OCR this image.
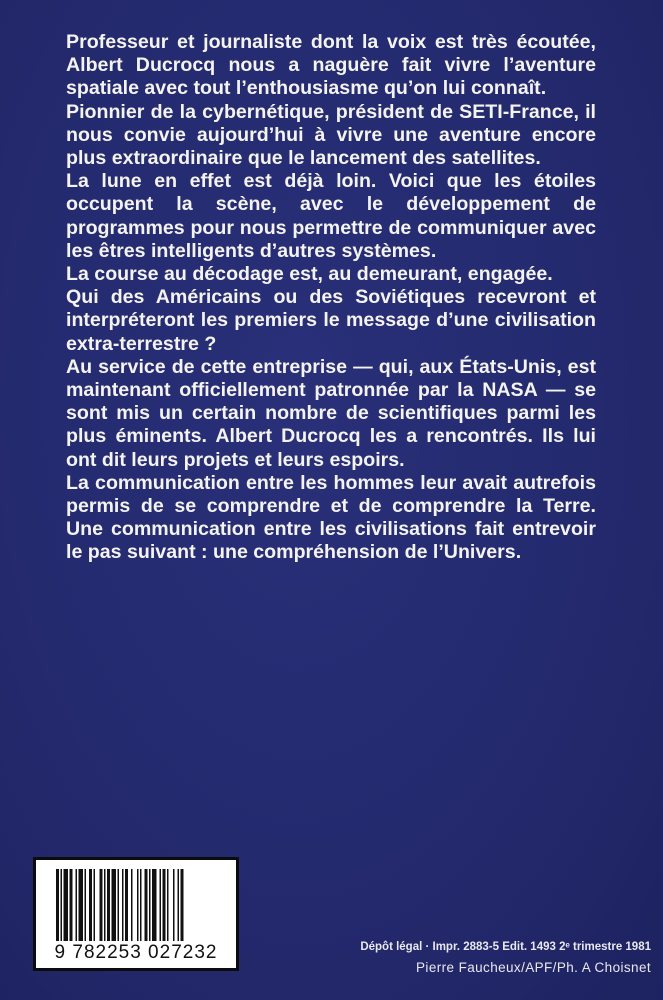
Professeur et journaliste dont la voix est très écoutée, Albert Ducrocq nous a naguère fait vivre l’aventure spatiale avec tout l’enthousiasme qu’on lui connaît.

Pionnier de la cybernétique, président de SETI-France, il nous convie aujourd’hui à vivre une aventure encore plus extraordinaire que le lancement des satellites.

La lune en effet est déjà loin. Voici que les étoiles occupent la scène, avec le développement de programmes pour nous permettre de communiquer avec les êtres intelligents d’autres systèmes.

La course au décodage est, au demeurant, engagée.

Qui des Américains ou des Soviétiques recevront et interpréteront les premiers le message d’une civilisation extra-terrestre ?

Au service de cette entreprise — qui, aux États-Unis, est maintenant officiellement patronnée par la NASA — se sont mis un certain nombre de scientifiques parmi les plus éminents. Albert Ducrocq les a rencontrés. Ils lui ont dit leurs projets et leurs espoirs.

La communication entre les hommes leur avait autrefois permis de se comprendre et de comprendre la Terre. Une communication entre les civilisations fait entrevoir le pas suivant : une compréhension de l’Univers.

9 782253 027232	Dépôt légal · Impr. 2883-5 Edit. 1493 2ᵉ trimestre 1981
Pierre Faucheux/APF/Ph. A Choisnet
